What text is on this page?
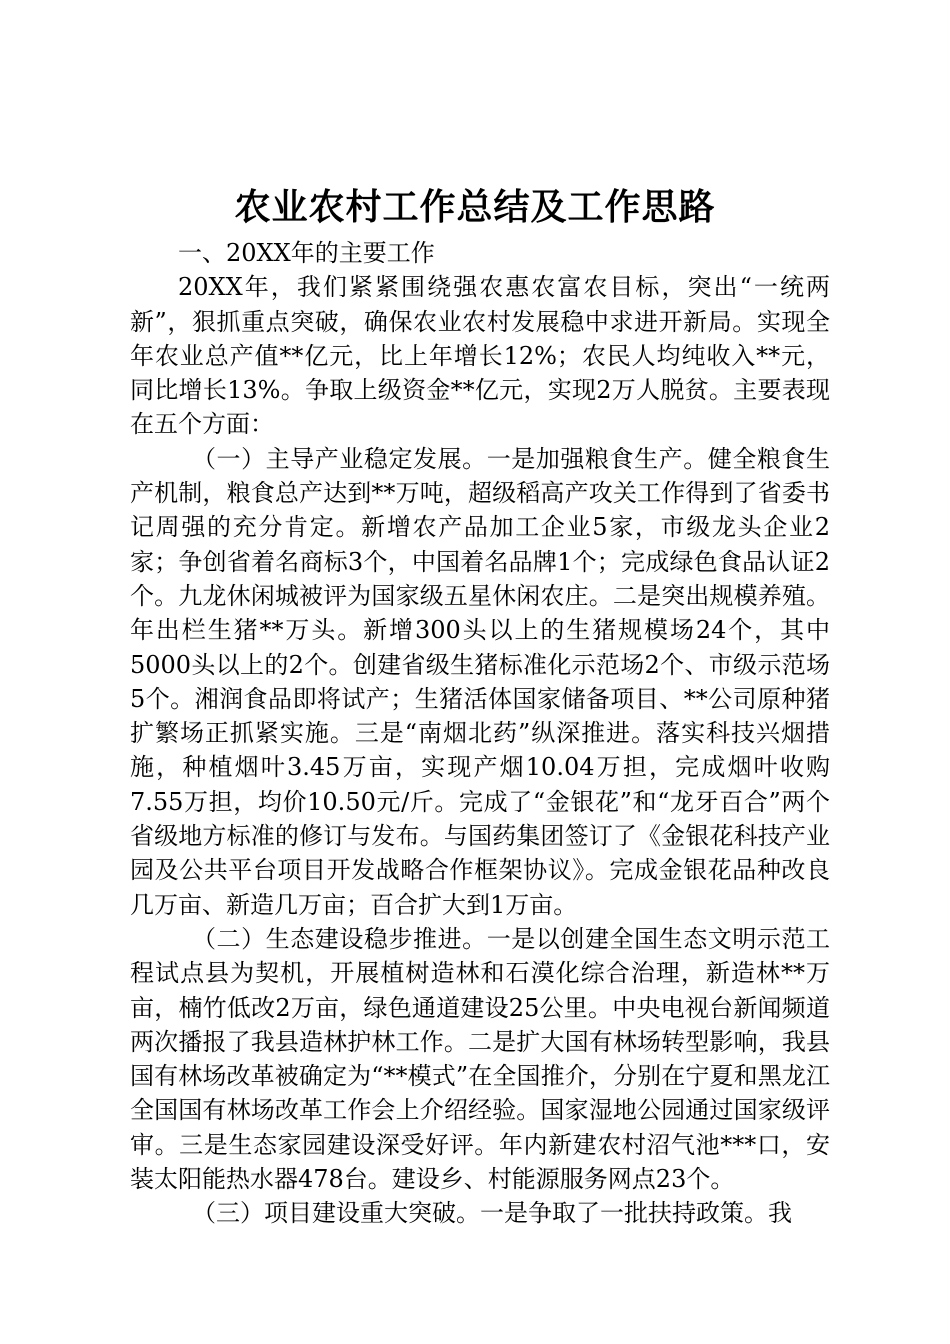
农业农村工作总结及工作思路

一、20XX年的主要工作

20XX年，我们紧紧围绕强农惠农富农目标，突出“一统两新”，狠抓重点突破，确保农业农村发展稳中求进开新局。实现全年农业总产值**亿元，比上年增长12%；农民人均纯收入**元，同比增长13%。争取上级资金**亿元，实现2万人脱贫。主要表现在五个方面：

（一）主导产业稳定发展。一是加强粮食生产。健全粮食生产机制，粮食总产达到**万吨，超级稻高产攻关工作得到了省委书记周强的充分肯定。新增农产品加工企业5家，市级龙头企业2家；争创省着名商标3个，中国着名品牌1个；完成绿色食品认证2个。九龙休闲城被评为国家级五星休闲农庄。二是突出规模养殖。年出栏生猪**万头。新增300头以上的生猪规模场24个，其中5000头以上的2个。创建省级生猪标准化示范场2个、市级示范场5个。湘润食品即将试产；生猪活体国家储备项目、**公司原种猪扩繁场正抓紧实施。三是“南烟北药”纵深推进。落实科技兴烟措施，种植烟叶3.45万亩，实现产烟10.04万担，完成烟叶收购7.55万担，均价10.50元/斤。完成了“金银花”和“龙牙百合”两个省级地方标准的修订与发布。与国药集团签订了《金银花科技产业园及公共平台项目开发战略合作框架协议》。完成金银花品种改良几万亩、新造几万亩；百合扩大到1万亩。

（二）生态建设稳步推进。一是以创建全国生态文明示范工程试点县为契机，开展植树造林和石漠化综合治理，新造林**万亩，楠竹低改2万亩，绿色通道建设25公里。中央电视台新闻频道两次播报了我县造林护林工作。二是扩大国有林场转型影响，我县国有林场改革被确定为“**模式”在全国推介，分别在宁夏和黑龙江全国国有林场改革工作会上介绍经验。国家湿地公园通过国家级评审。三是生态家园建设深受好评。年内新建农村沼气池***口，安装太阳能热水器478台。建设乡、村能源服务网点23个。

（三）项目建设重大突破。一是争取了一批扶持政策。我
